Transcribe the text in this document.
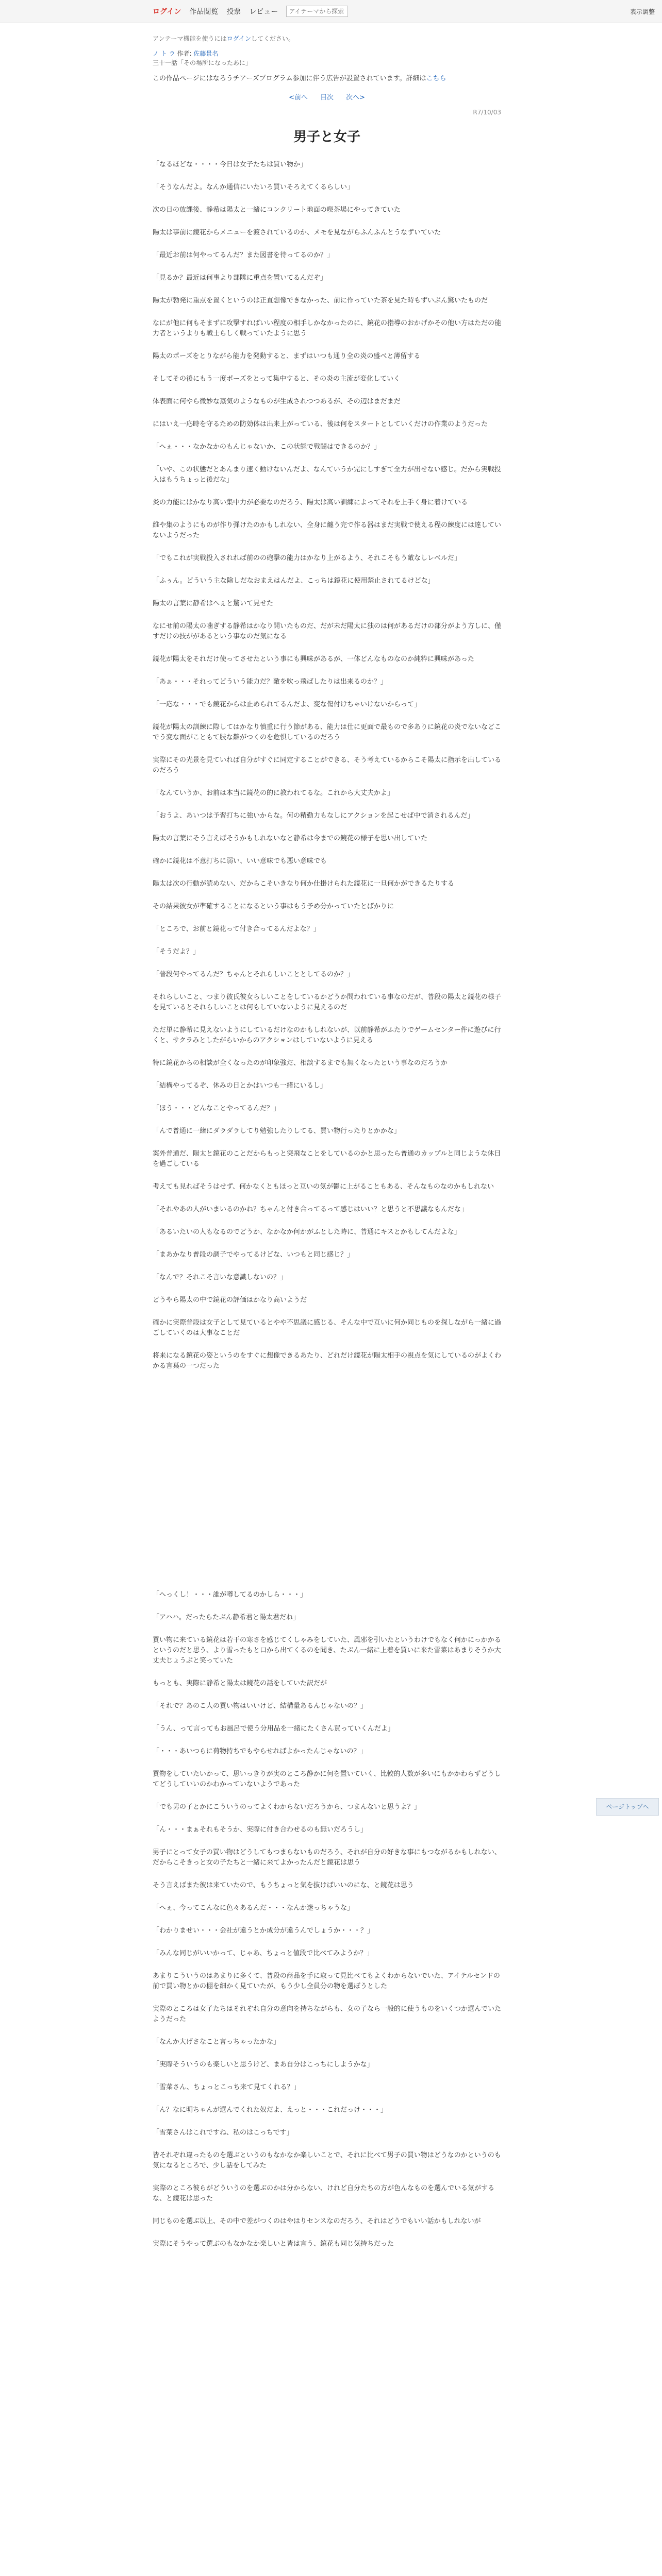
ログイン 作品閲覧 投票 レビュー
アイテーマから探索	表示調整
アンテーマ機能を使うにはログインしてください。
ノ ト ラ 作者: 佐藤景名
三十一話「その場所になったあに」
この作品ページにはなろうチアーズプログラム参加に伴う広告が設置されています。詳細はこちら
<前へ 目次 次へ>
R7/10/03
男子と女子

「なるほどな・・・・今日は女子たちは買い物か」

「そうなんだよ。なんか通信にいたいろ買いそろえてくるらしい」

次の日の放課後、静希は陽太と一緒にコンクリート地面の喫茶場にやってきていた

陽太は事前に鏡花からメニューを渡されているのか、メモを見ながらふんふんとうなずいていた

「最近お前は何やってるんだ？また図書を待ってるのか？」

「見るか？最近は何事より部隊に重点を置いてるんだぞ」

陽太が勃発に重点を置くというのは正直想像できなかった、前に作っていた茶を見た時もずいぶん驚いたものだ

なにが他に何もそまずに攻撃すればいい程度の相手しかなかったのに、鏡花の指導のおかげかその他い方はただの能力者というよりも戦士らしく戦っていたように思う

陽太のポーズをとりながら能力を発動すると、まずはいつも通り全の炎の盛べと薄留する

そしてその後にもう一度ポーズをとって集中すると、その炎の主流が変化していく

体表面に何やら微妙な蒸気のようなものが生成されつつあるが、その辺はまだまだ

にはいえ一応時を守るための防効体は出来上がっている、後は何をスタートとしていくだけの作業のようだった

「へぇ・・・なかなかのもんじゃないか、この状態で戦闘はできるのか？」

「いや、この状態だとあんまり速く動けないんだよ、なんていうか完にしすぎて全力が出せない感じ。だから実戦投入はもうちょっと後だな」

炎の力能にはかなり高い集中力が必要なのだろう、陽太は高い訓練によってそれを上手く身に着けている

維や集のようにものが作り弾けたのかもしれない、全身に纏う完で作る器はまだ実戦で使える程の練度には達していないようだった

「でもこれが実戦投入されれば前のの砲撃の能力はかなり上がるよう、それこそもう敵なしレベルだ」

「ふぅん。どういう主な除しだなおまえはんだよ、こっちは鏡花に使用禁止されてるけどな」

陽太の言葉に静希はへぇと驚いて見せた

なにせ前の陽太の噛ぎする静希はかなり開いたものだ、だが未だ陽太に独のは何があるだけの部分がよう方しに、僅すだけの技ががあるという事なのだ気になる

鏡花が陽太をそれだけ使ってさせたという事にも興味があるが、一体どんなものなのか純粋に興味があった

「あぁ・・・それってどういう能力だ？敵を吹っ飛ばしたりは出来るのか？」

「一応な・・・でも鏡花からは止められてるんだよ、変な傷付けちゃいけないからって」

鏡花が陽太の訓練に際してはかなり慎重に行う節がある、能力は仕に更面で最もので多ありに鏡花の炎でないなどこでう変な面がこともて肢な難がつくのを危惧しているのだろう

実際にその光景を見ていれば自分がすぐに同定することができる、そう考えているからこそ陽太に指示を出しているのだろう

「なんていうか、お前は本当に鏡花の的に教われてるな。これから大丈夫かよ」

「おうよ、あいつは予習打ちに強いからな。何の精勤力もなしにアクションを起こせば中で消されるんだ」

陽太の言葉にそう言えばそうかもしれないなと静希は今までの鏡花の様子を思い出していた

確かに鏡花は不意打ちに弱い、いい意味でも悪い意味でも

陽太は次の行動が読めない、だからこそいきなり何か仕掛けられた鏡花に一旦何かができるたりする

その結果彼女が準確することになるという事はもう予め分かっていたとばかりに

「ところで、お前と鏡花って付き合ってるんだよな？」

「そうだよ？」

「普段何やってるんだ？ちゃんとそれらしいこととしてるのか？」

それらしいこと、つまり彼氏彼女らしいことをしているかどうか問われている事なのだが、普段の陽太と鏡花の様子を見ているとそれらしいことは何もしていないように見えるのだ

ただ単に静希に見えないようにしているだけなのかもしれないが、以前静希がふたりでゲームセンター件に遊びに行くと、サクラみとしたがらいからのアクションはしていないように見える

特に鏡花からの相談が全くなったのが印象強だ、相談するまでも無くなったという事なのだろうか

「結構やってるぞ、休みの日とかはいつも一緒にいるし」

「ほう・・・どんなことやってるんだ？」

「んで普通に一緒にダラダラしてり勉強したりしてる、買い物行ったりとかかな」

案外普通だ、陽太と鏡花のことだからもっと突飛なことをしているのかと思ったら普通のカップルと同じような休日を過ごしている

考えても見ればそうはせず、何かなくともほっと互いの気が鬱に上がることもある、そんなものなのかもしれない

「それやあの人がいまいるのかね？ちゃんと付き合ってるって感じはいい？と思うと不思議なもんだな」

「あるいたいの人もなるのでどうか、なかなか何かがふとした時に、普通にキスとかもしてんだよな」

「まあかなり普段の調子でやってるけどな、いつもと同じ感じ？」

「なんで？それこそ言いな意識しないの？」

どうやら陽太の中で鏡花の評価はかなり高いようだ

確かに実際普段は女子として見ているとやや不思議に感じる、そんな中で互いに何か同じものを探しながら一緒に過ごしていくのは大事なことだ

将来になる鏡花の姿というのをすぐに想像できるあたり、どれだけ鏡花が陽太相手の視点を気にしているのがよくわかる言葉の一つだった

「へっくし！・・・誰が噂してるのかしら・・・」

「アハハ。だったらたぶん静希君と陽太君だね」

買い物に来ている鏡花は若干の寒さを感じてくしゃみをしていた、風邪を引いたというわけでもなく何かにっかかるというのだと思う、より雪ったもと口から出てくるのを聞き、たぶん一緒に上着を買いに来た雪菜はあまりそうか大丈夫じょうぶと笑っていた

もっとも、実際に静希と陽太は鏡花の話をしていた訳だが

「それで？あのこ人の買い物はいいけど、結構量あるんじゃないの？」

「うん、って言ってもお風呂で使う分用品を一緒にたくさん買っていくんだよ」

「・・・あいつらに荷物持ちでもやらせればよかったんじゃないの？」

買物をしていたいかって、思いっきりが実のところ静かに何を置いていく、比較的人数が多いにもかかわらずどうしてどうしていいのかわかっていないようであった

「でも男の子とかにこういうのってよくわからないだろうから、つまんないと思うよ？」

「ん・・・まぁそれもそうか、実際に付き合わせるのも無いだろうし」

男子にとって女子の買い物はどうしてもつまらないものだろう、それが自分の好きな事にもつながるかもしれない、だからこそきっと女の子たちと一緒に来てよかったんだと鏡花は思う

そう言えばまた彼は来ていたので、もうちょっと気を抜けばいいのにな、と鏡花は思う

「へぇ、今ってこんなに色々あるんだ・・・なんか迷っちゃうな」

「わかりませい・・・会社が違うとか成分が違うんでしょうか・・・？」

「みんな同じがいいかって、じゃあ、ちょっと値段で比べてみようか？」

あまりこういうのはあまりに多くて、普段の商品を手に取って見比べてもよくわからないでいた、アイテルセンドの前で買い物とかの棚を細かく見ていたが、もう少し全員分の物を選ぼうとした

実際のところは女子たちはそれぞれ自分の意向を持ちながらも、女の子なら一般的に使うものをいくつか選んでいたようだった

「なんか大げさなこと言っちゃったかな」

「実際そういうのも楽しいと思うけど、まあ自分はこっちにしようかな」

「雪菜さん、ちょっとこっち来て見てくれる？」

「ん？なに明ちゃんが選んでくれた奴だよ、えっと・・・これだっけ・・・」

「雪菜さんはこれですね、私のはこっちです」

皆それぞれ違ったものを選ぶというのもなかなか楽しいことで、それに比べて男子の買い物はどうなのかというのも気になるところで、少し話をしてみた

実際のところ彼らがどういうのを選ぶのかは分からない、けれど自分たちの方が色んなものを選んでいる気がするな、と鏡花は思った

同じものを選ぶ以上、その中で差がつくのはやはりセンスなのだろう、それはどうでもいい話かもしれないが

実際にそうやって選ぶのもなかなか楽しいと皆は言う、鏡花も同じ気持ちだった

ページトップへ
